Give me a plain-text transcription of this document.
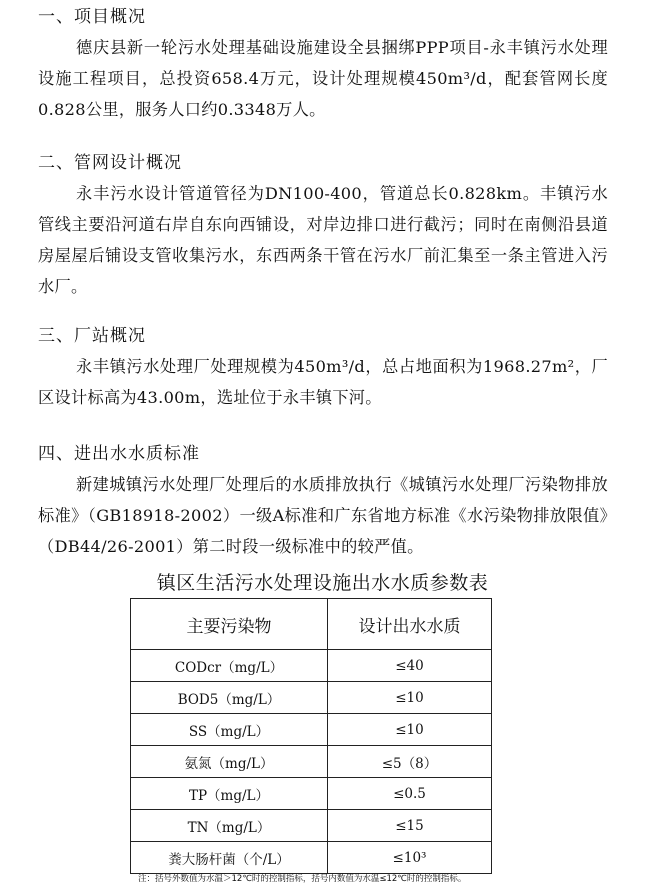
一、项目概况
德庆县新一轮污水处理基础设施建设全县捆绑PPP项目-永丰镇污水处理设施工程项目，总投资658.4万元，设计处理规模450m³/d，配套管网长度0.828公里，服务人口约0.3348万人。
二、管网设计概况
永丰污水设计管道管径为DN100-400，管道总长0.828km。丰镇污水管线主要沿河道右岸自东向西铺设，对岸边排口进行截污；同时在南侧沿县道房屋屋后铺设支管收集污水，东西两条干管在污水厂前汇集至一条主管进入污水厂。
三、厂站概况
永丰镇污水处理厂处理规模为450m³/d，总占地面积为1968.27m²，厂区设计标高为43.00m，选址位于永丰镇下河。
四、进出水水质标准
新建城镇污水处理厂处理后的水质排放执行《城镇污水处理厂污染物排放标准》（GB18918-2002）一级A标准和广东省地方标准《水污染物排放限值》（DB44/26-2001）第二时段一级标准中的较严值。
镇区生活污水处理设施出水水质参数表
主要污染物	设计出水水质
CODcr（mg/L）	≤40
BOD5（mg/L）	≤10
SS（mg/L）	≤10
氨氮（mg/L）	≤5（8）
TP（mg/L）	≤0.5
TN（mg/L）	≤15
粪大肠杆菌（个/L）	≤10³
注：括号外数值为水温＞12℃时的控制指标，括号内数值为水温≤12℃时的控制指标。
